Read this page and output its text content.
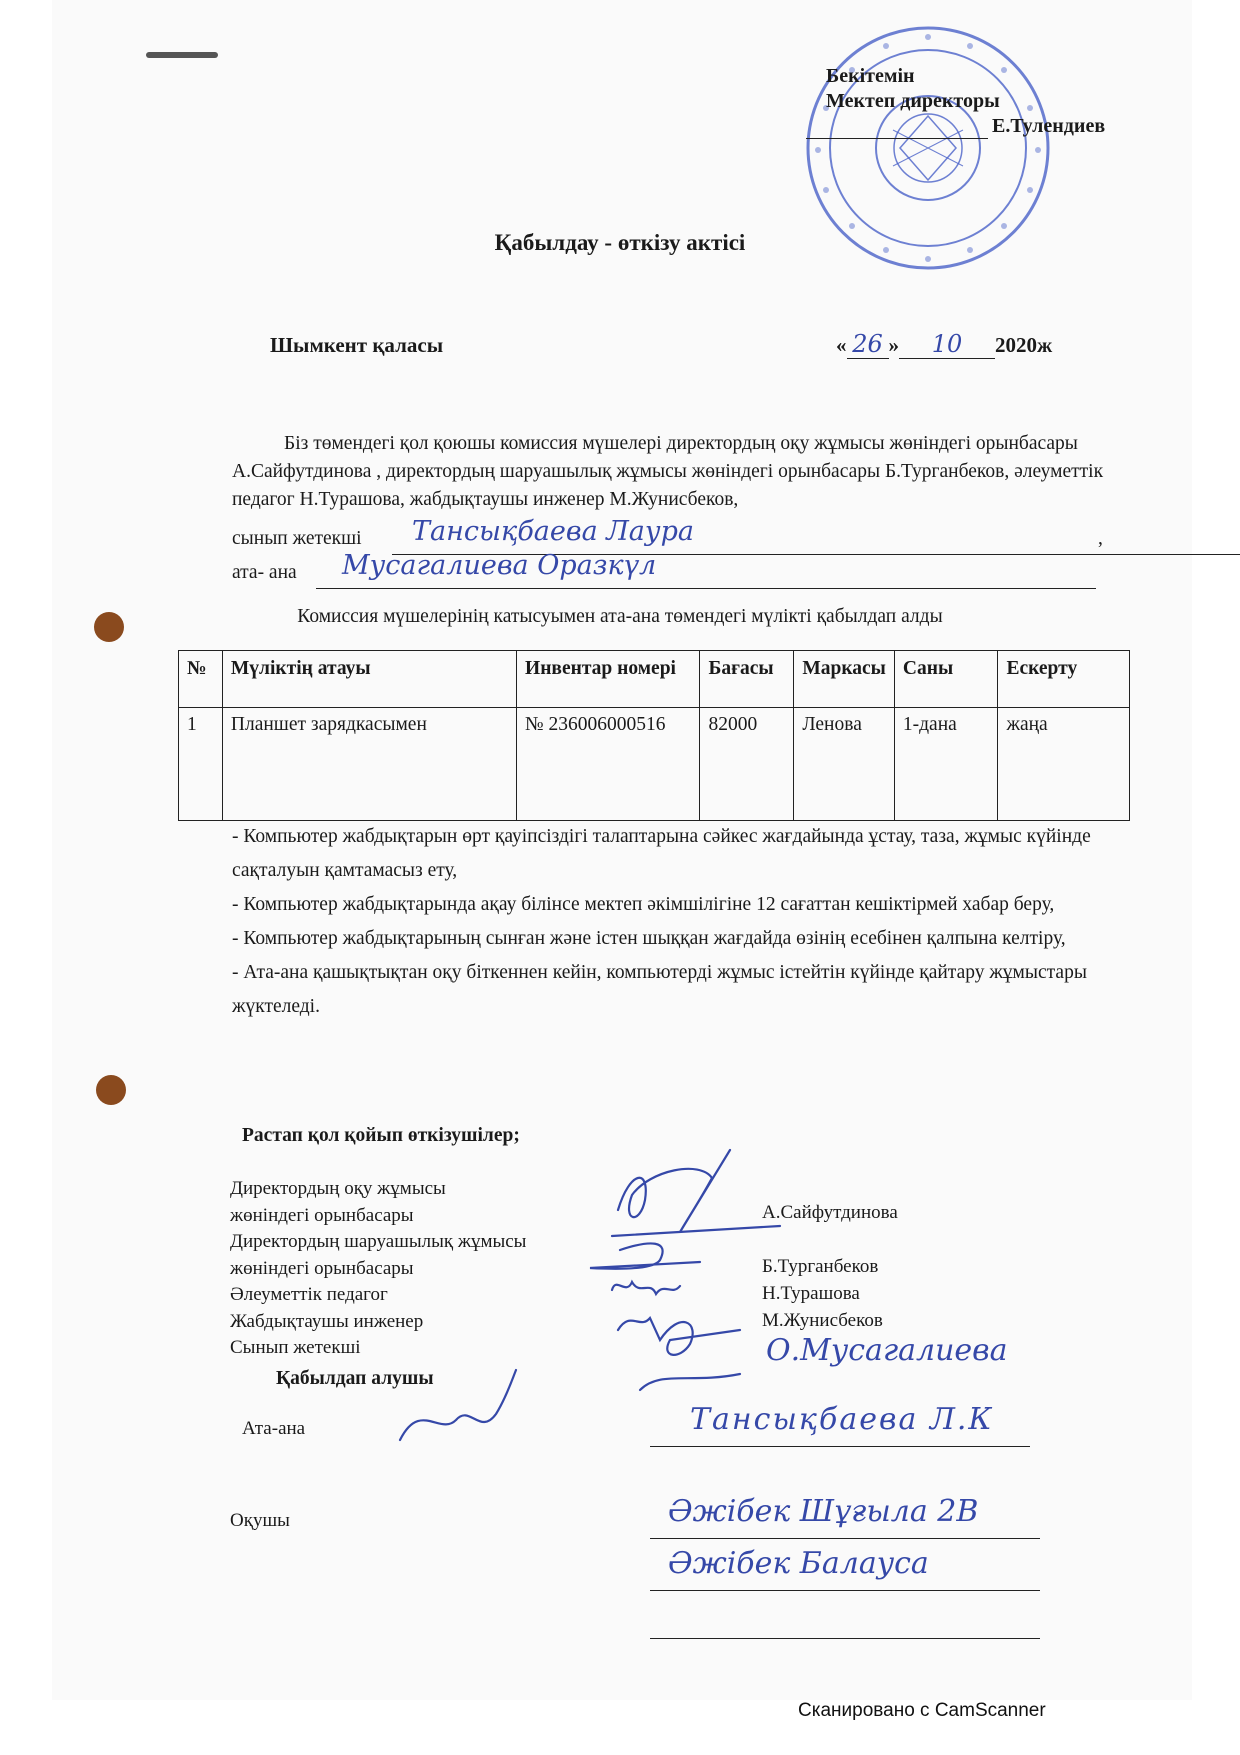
Бекітемін
Мектеп директоры
Е.Тулендиев
Қабылдау - өткізу актісі
Шымкент қаласы	« 26 » 10 2020ж
Біз төмендегі қол қоюшы комиссия мүшелері директордың оқу жұмысы жөніндегі орынбасары А.Сайфутдинова , директордың шаруашылық жұмысы жөніндегі орынбасары Б.Турганбеков, әлеуметтік педагог Н.Турашова, жабдықтаушы инженер М.Жунисбеков,
сынып жетекші Тансықбаева Лаура	,
ата- ана Мусагалиева Оразкүл
Комиссия мүшелерінің катысуымен ата-ана төмендегі мүлікті қабылдап алды
№	Мүліктің атауы	Инвентар номері	Бағасы	Маркасы	Саны	Ескерту
1	Планшет зарядкасымен	№ 236006000516	82000	Ленова	1-дана	жаңа
- Компьютер жабдықтарын өрт қауіпсіздігі талаптарына сәйкес жағдайында ұстау, таза, жұмыс күйінде сақталуын қамтамасыз ету,
- Компьютер жабдықтарында ақау білінсе мектеп әкімшілігіне 12 сағаттан кешіктірмей хабар беру,
- Компьютер жабдықтарының сынған және істен шыққан жағдайда өзінің есебінен қалпына келтіру,
- Ата-ана қашықтықтан оқу біткеннен кейін, компьютерді жұмыс істейтін күйінде қайтару жұмыстары жүктеледі.
Растап қол қойып өткізушілер;
Директордың оқу жұмысы
жөніндегі орынбасары
Директордың шаруашылық жұмысы
жөніндегі орынбасары
Әлеуметтік педагог
Жабдықтаушы инженер
Сынып жетекші
А.Сайфутдинова
Б.Турганбеков
Н.Турашова
М.Жунисбеков
О.Мусагалиева
Қабылдап алушы
Ата-ана	Тансықбаева Л.К
Оқушы	Әжібек Шұғыла 2В
Әжібек Балауса
Сканировано с CamScanner
